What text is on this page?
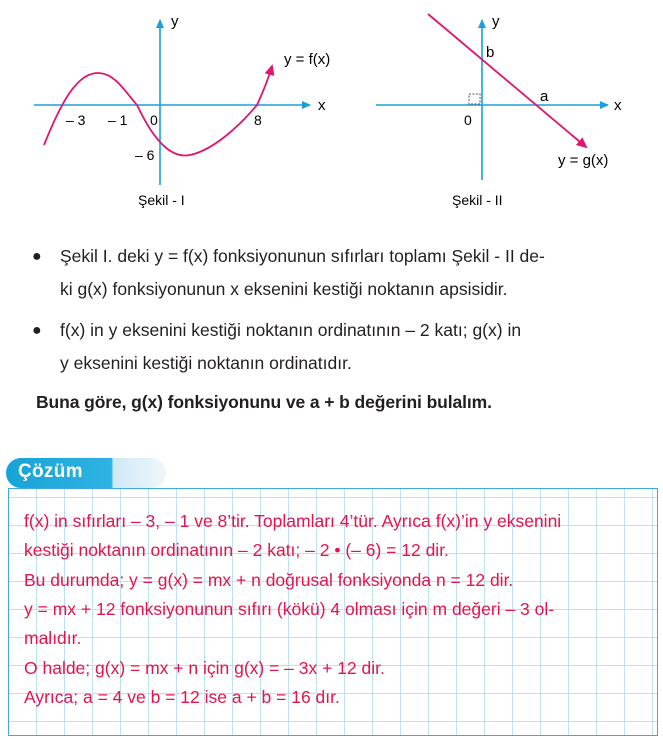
y
x
y = f(x)
– 3 – 1 0	8
– 6
Şekil - I
y
x
b
a
0
y = g(x)
Şekil - II
● Şekil I. deki y = f(x) fonksiyonunun sıfırları toplamı Şekil - II de-
ki g(x) fonksiyonunun x eksenini kestiği noktanın apsisidir.
● f(x) in y eksenini kestiği noktanın ordinatının – 2 katı; g(x) in
y eksenini kestiği noktanın ordinatıdır.
Buna göre, g(x) fonksiyonunu ve a + b değerini bulalım.
Çözüm
f(x) in sıfırları – 3, – 1 ve 8’tir. Toplamları 4’tür. Ayrıca f(x)’in y eksenini
kestiği noktanın ordinatının – 2 katı; – 2 • (– 6) = 12 dir.
Bu durumda; y = g(x) = mx + n doğrusal fonksiyonda n = 12 dir.
y = mx + 12 fonksiyonunun sıfırı (kökü) 4 olması için m değeri – 3 ol-
malıdır.
O halde; g(x) = mx + n için g(x) = – 3x + 12 dir.
Ayrıca; a = 4 ve b = 12 ise a + b = 16 dır.
